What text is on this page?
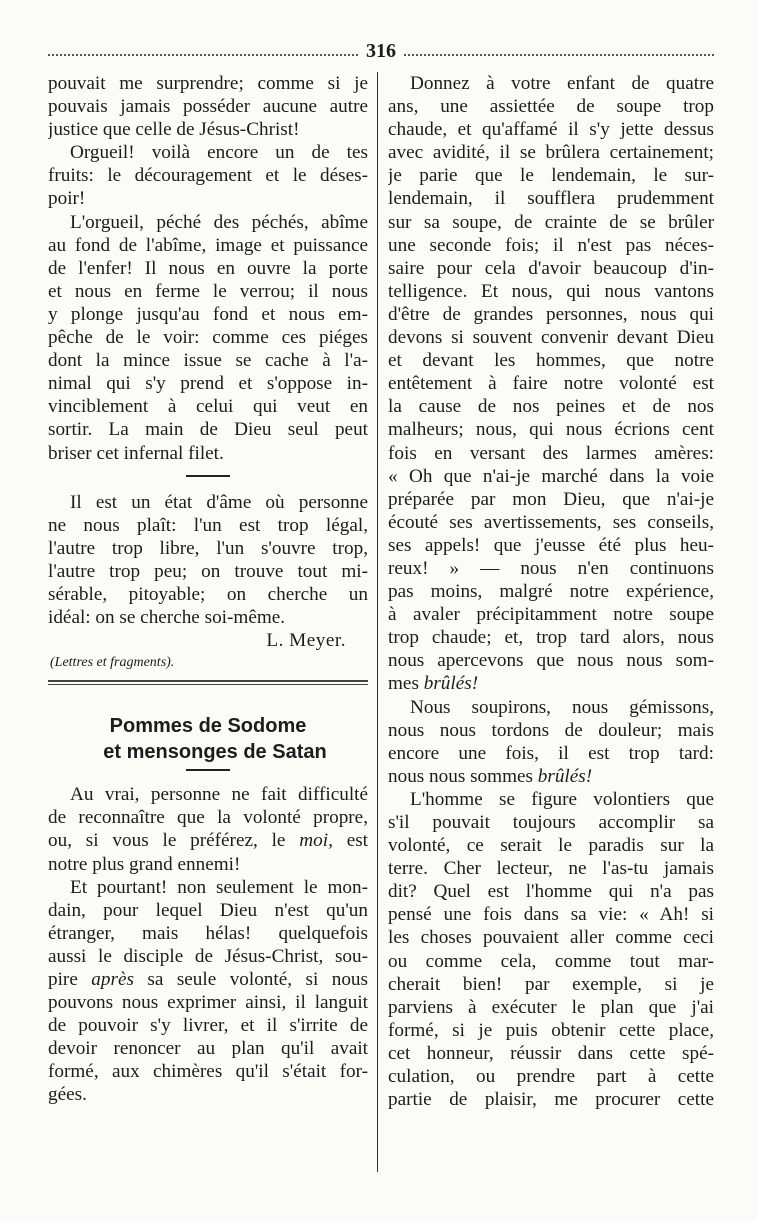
316
pouvait me surprendre; comme si je
pouvais jamais posséder aucune autre
justice que celle de Jésus-Christ!
Orgueil! voilà encore un de tes
fruits: le découragement et le déses-
poir!
L'orgueil, péché des péchés, abîme
au fond de l'abîme, image et puissance
de l'enfer! Il nous en ouvre la porte
et nous en ferme le verrou; il nous
y plonge jusqu'au fond et nous em-
pêche de le voir: comme ces piéges
dont la mince issue se cache à l'a-
nimal qui s'y prend et s'oppose in-
vinciblement à celui qui veut en
sortir. La main de Dieu seul peut
briser cet infernal filet.
Il est un état d'âme où personne
ne nous plaît: l'un est trop légal,
l'autre trop libre, l'un s'ouvre trop,
l'autre trop peu; on trouve tout mi-
sérable, pitoyable; on cherche un
idéal: on se cherche soi-même.
L. Meyer.
(Lettres et fragments).
Pommes de Sodome
et mensonges de Satan
Au vrai, personne ne fait difficulté
de reconnaître que la volonté propre,
ou, si vous le préférez, le moi, est
notre plus grand ennemi!
Et pourtant! non seulement le mon-
dain, pour lequel Dieu n'est qu'un
étranger, mais hélas! quelquefois
aussi le disciple de Jésus-Christ, sou-
pire après sa seule volonté, si nous
pouvons nous exprimer ainsi, il languit
de pouvoir s'y livrer, et il s'irrite de
devoir renoncer au plan qu'il avait
formé, aux chimères qu'il s'était for-
gées.
Donnez à votre enfant de quatre
ans, une assiettée de soupe trop
chaude, et qu'affamé il s'y jette dessus
avec avidité, il se brûlera certainement;
je parie que le lendemain, le sur-
lendemain, il soufflera prudemment
sur sa soupe, de crainte de se brûler
une seconde fois; il n'est pas néces-
saire pour cela d'avoir beaucoup d'in-
telligence. Et nous, qui nous vantons
d'être de grandes personnes, nous qui
devons si souvent convenir devant Dieu
et devant les hommes, que notre
entêtement à faire notre volonté est
la cause de nos peines et de nos
malheurs; nous, qui nous écrions cent
fois en versant des larmes amères:
« Oh que n'ai-je marché dans la voie
préparée par mon Dieu, que n'ai-je
écouté ses avertissements, ses conseils,
ses appels! que j'eusse été plus heu-
reux! » — nous n'en continuons
pas moins, malgré notre expérience,
à avaler précipitamment notre soupe
trop chaude; et, trop tard alors, nous
nous apercevons que nous nous som-
mes brûlés!
Nous soupirons, nous gémissons,
nous nous tordons de douleur; mais
encore une fois, il est trop tard:
nous nous sommes brûlés!
L'homme se figure volontiers que
s'il pouvait toujours accomplir sa
volonté, ce serait le paradis sur la
terre. Cher lecteur, ne l'as-tu jamais
dit? Quel est l'homme qui n'a pas
pensé une fois dans sa vie: « Ah! si
les choses pouvaient aller comme ceci
ou comme cela, comme tout mar-
cherait bien! par exemple, si je
parviens à exécuter le plan que j'ai
formé, si je puis obtenir cette place,
cet honneur, réussir dans cette spé-
culation, ou prendre part à cette
partie de plaisir, me procurer cette
